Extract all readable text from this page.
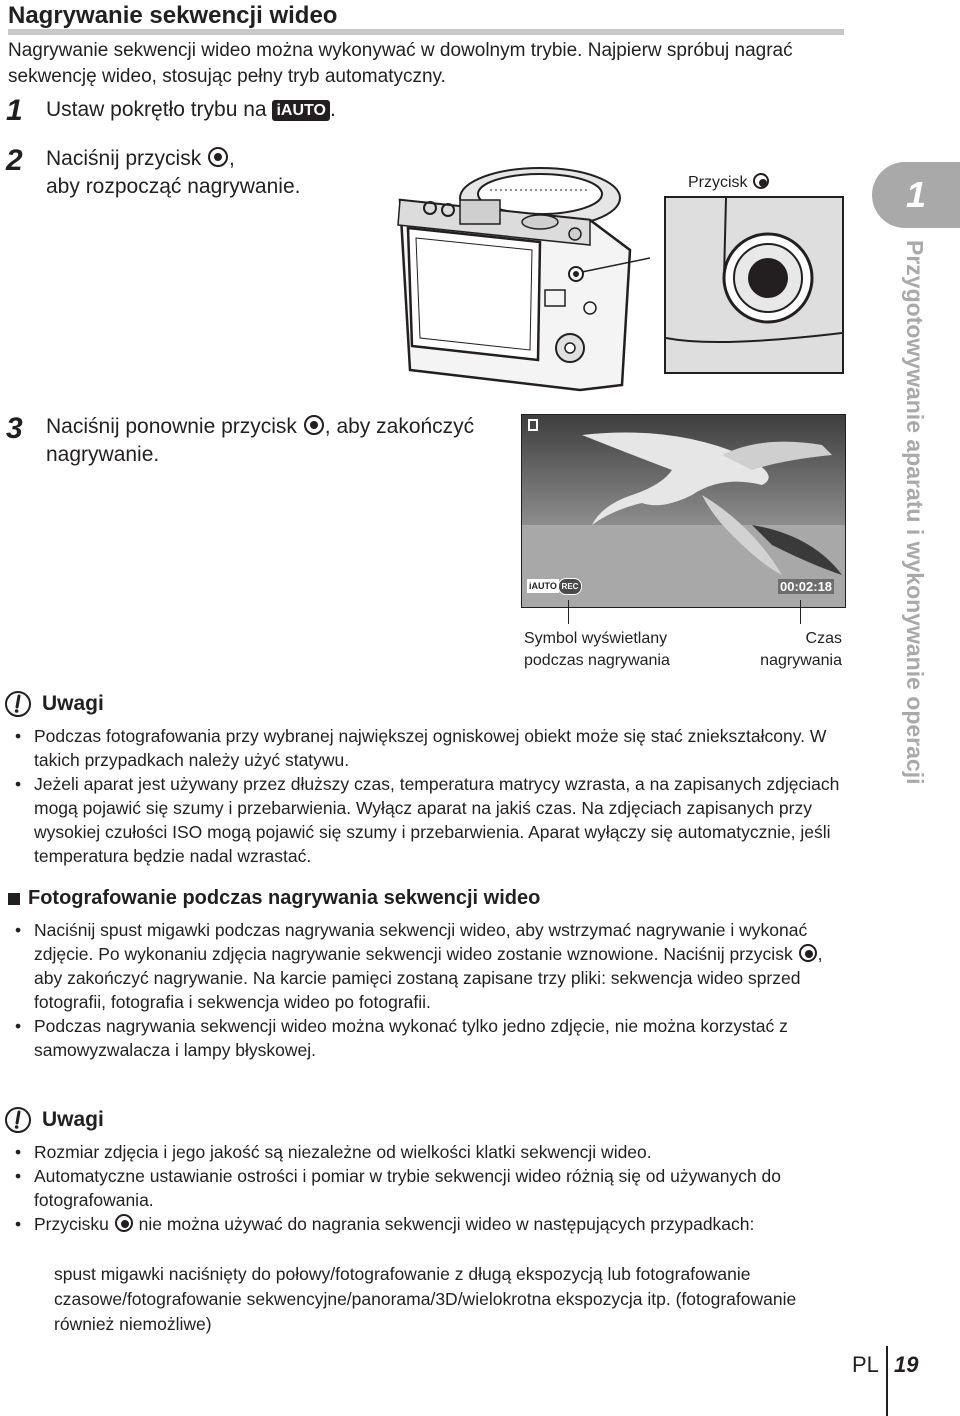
Nagrywanie sekwencji wideo
Nagrywanie sekwencji wideo można wykonywać w dowolnym trybie. Najpierw spróbuj nagrać sekwencję wideo, stosując pełny tryb automatyczny.
1 Ustaw pokrętło trybu na iAUTO .
2 Naciśnij przycisk ,
aby rozpocząć nagrywanie.
3 Naciśnij ponownie przycisk , aby zakończyć
nagrywanie.
Przycisk
iAUTO REC	00:02:18
Symbol wyświetlany
podczas nagrywania
Czas
nagrywania
Uwagi
• Podczas fotografowania przy wybranej największej ogniskowej obiekt może się stać zniekształcony. W takich przypadkach należy użyć statywu.
• Jeżeli aparat jest używany przez dłuższy czas, temperatura matrycy wzrasta, a na zapisanych zdjęciach mogą pojawić się szumy i przebarwienia. Wyłącz aparat na jakiś czas. Na zdjęciach zapisanych przy wysokiej czułości ISO mogą pojawić się szumy i przebarwienia. Aparat wyłączy się automatycznie, jeśli temperatura będzie nadal wzrastać.
Fotografowanie podczas nagrywania sekwencji wideo
• Naciśnij spust migawki podczas nagrywania sekwencji wideo, aby wstrzymać nagrywanie i wykonać zdjęcie. Po wykonaniu zdjęcia nagrywanie sekwencji wideo zostanie wznowione. Naciśnij przycisk , aby zakończyć nagrywanie. Na karcie pamięci zostaną zapisane trzy pliki: sekwencja wideo sprzed fotografii, fotografia i sekwencja wideo po fotografii.
• Podczas nagrywania sekwencji wideo można wykonać tylko jedno zdjęcie, nie można korzystać z samowyzwalacza i lampy błyskowej.
Uwagi
• Rozmiar zdjęcia i jego jakość są niezależne od wielkości klatki sekwencji wideo.
• Automatyczne ustawianie ostrości i pomiar w trybie sekwencji wideo różnią się od używanych do fotografowania.
• Przycisku nie można używać do nagrania sekwencji wideo w następujących przypadkach:
spust migawki naciśnięty do połowy/fotografowanie z długą ekspozycją lub fotografowanie czasowe/fotografowanie sekwencyjne/panorama/3D/wielokrotna ekspozycja itp. (fotografowanie również niemożliwe)
1
Przygotowywanie aparatu i wykonywanie operacji
PL 19
